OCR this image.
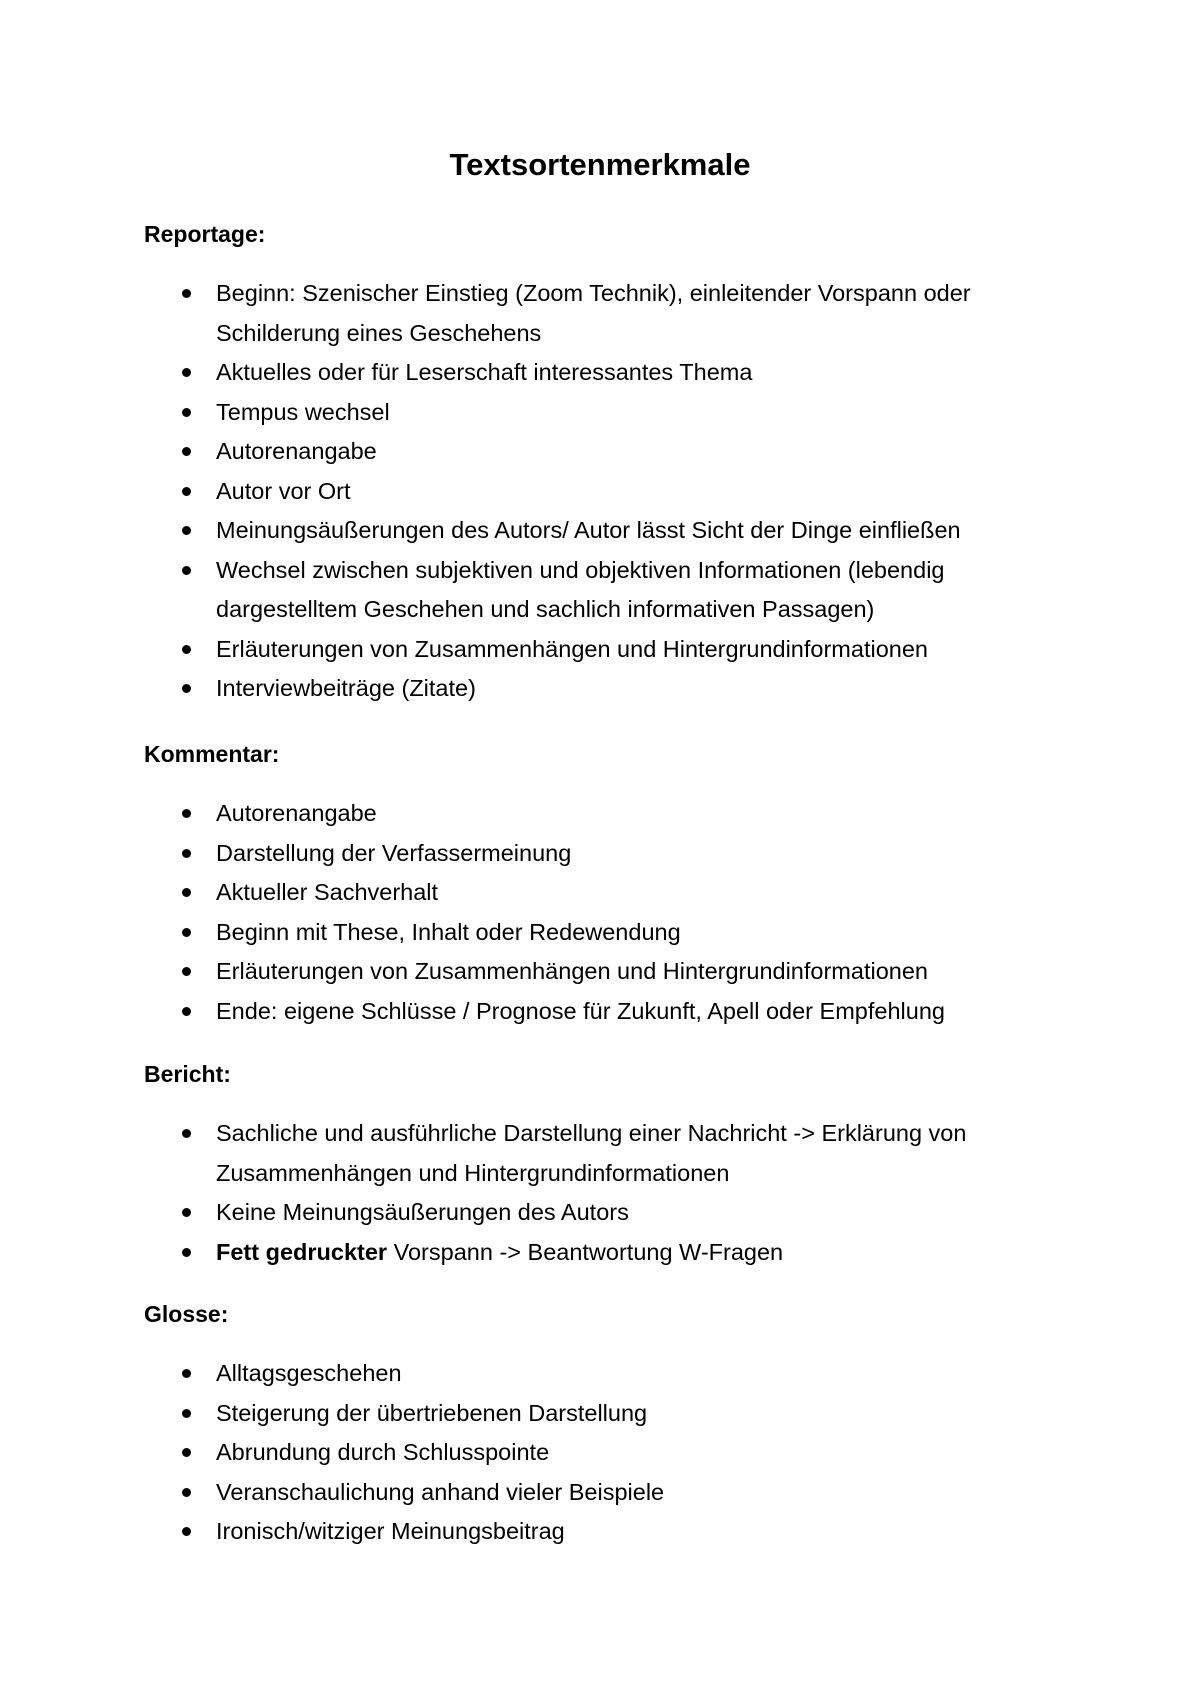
Textsortenmerkmale
Reportage:
Beginn: Szenischer Einstieg (Zoom Technik), einleitender Vorspann oder Schilderung eines Geschehens
Aktuelles oder für Leserschaft interessantes Thema
Tempus wechsel
Autorenangabe
Autor vor Ort
Meinungsäußerungen des Autors/ Autor lässt Sicht der Dinge einfließen
Wechsel zwischen subjektiven und objektiven Informationen (lebendig dargestelltem Geschehen und sachlich informativen Passagen)
Erläuterungen von Zusammenhängen und Hintergrundinformationen
Interviewbeiträge (Zitate)
Kommentar:
Autorenangabe
Darstellung der Verfassermeinung
Aktueller Sachverhalt
Beginn mit These, Inhalt oder Redewendung
Erläuterungen von Zusammenhängen und Hintergrundinformationen
Ende: eigene Schlüsse / Prognose für Zukunft, Apell oder Empfehlung
Bericht:
Sachliche und ausführliche Darstellung einer Nachricht -> Erklärung von Zusammenhängen und Hintergrundinformationen
Keine Meinungsäußerungen des Autors
Fett gedruckter Vorspann -> Beantwortung W-Fragen
Glosse:
Alltagsgeschehen
Steigerung der übertriebenen Darstellung
Abrundung durch Schlusspointe
Veranschaulichung anhand vieler Beispiele
Ironisch/witziger Meinungsbeitrag
